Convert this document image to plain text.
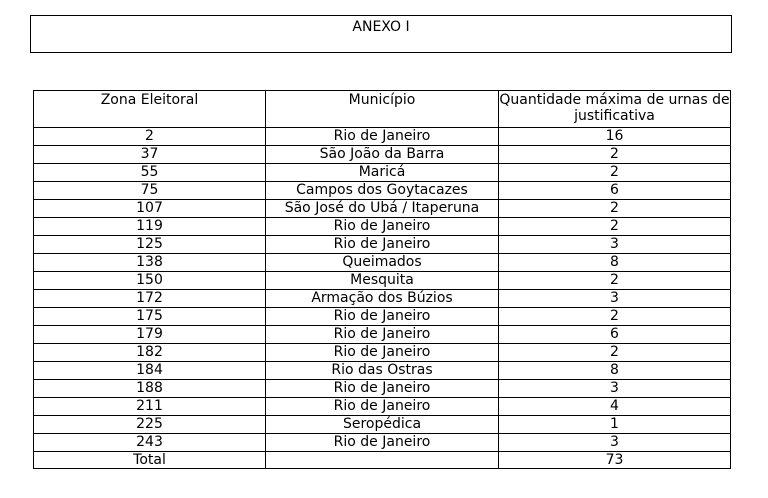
ANEXO I
Zona Eleitoral	Município	Quantidade máxima de urnas de justificativa
2	Rio de Janeiro	16
37	São João da Barra	2
55	Maricá	2
75	Campos dos Goytacazes	6
107	São José do Ubá / Itaperuna	2
119	Rio de Janeiro	2
125	Rio de Janeiro	3
138	Queimados	8
150	Mesquita	2
172	Armação dos Búzios	3
175	Rio de Janeiro	2
179	Rio de Janeiro	6
182	Rio de Janeiro	2
184	Rio das Ostras	8
188	Rio de Janeiro	3
211	Rio de Janeiro	4
225	Seropédica	1
243	Rio de Janeiro	3
Total		73
